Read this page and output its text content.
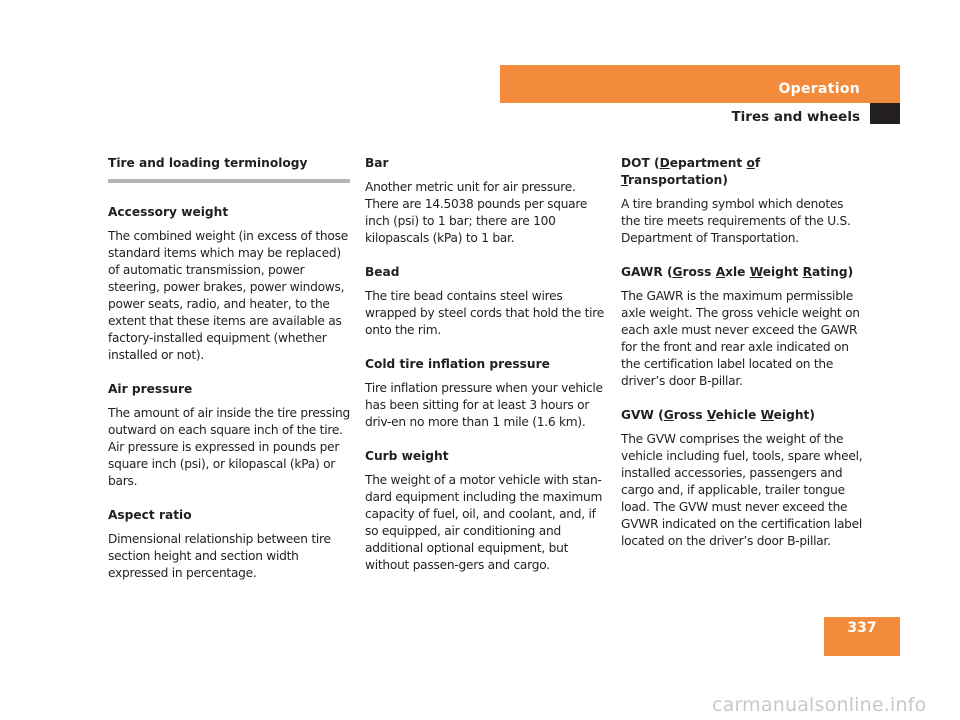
Operation
Tires and wheels
Tire and loading terminology
Accessory weight

The combined weight (in excess of those standard items which may be replaced) of automatic transmission, power steering, power brakes, power windows, power seats, radio, and heater, to the extent that these items are available as factory-installed equipment (whether installed or not).

Air pressure

The amount of air inside the tire pressing outward on each square inch of the tire. Air pressure is expressed in pounds per square inch (psi), or kilopascal (kPa) or bars.

Aspect ratio

Dimensional relationship between tire section height and section width expressed in percentage.

Bar

Another metric unit for air pressure. There are 14.5038 pounds per square inch (psi) to 1 bar; there are 100 kilopascals (kPa) to 1 bar.

Bead

The tire bead contains steel wires wrapped by steel cords that hold the tire onto the rim.

Cold tire inflation pressure

Tire inflation pressure when your vehicle has been sitting for at least 3 hours or driv-en no more than 1 mile (1.6 km).

Curb weight

The weight of a motor vehicle with stan-dard equipment including the maximum capacity of fuel, oil, and coolant, and, if so equipped, air conditioning and additional optional equipment, but without passen-gers and cargo.

DOT (Department of Transportation)

A tire branding symbol which denotes the tire meets requirements of the U.S. Department of Transportation.

GAWR (Gross Axle Weight Rating)

The GAWR is the maximum permissible axle weight. The gross vehicle weight on each axle must never exceed the GAWR for the front and rear axle indicated on the certification label located on the driver’s door B-pillar.

GVW (Gross Vehicle Weight)

The GVW comprises the weight of the vehicle including fuel, tools, spare wheel, installed accessories, passengers and cargo and, if applicable, trailer tongue load. The GVW must never exceed the GVWR indicated on the certification label located on the driver’s door B-pillar.

337
carmanualsonline.info
